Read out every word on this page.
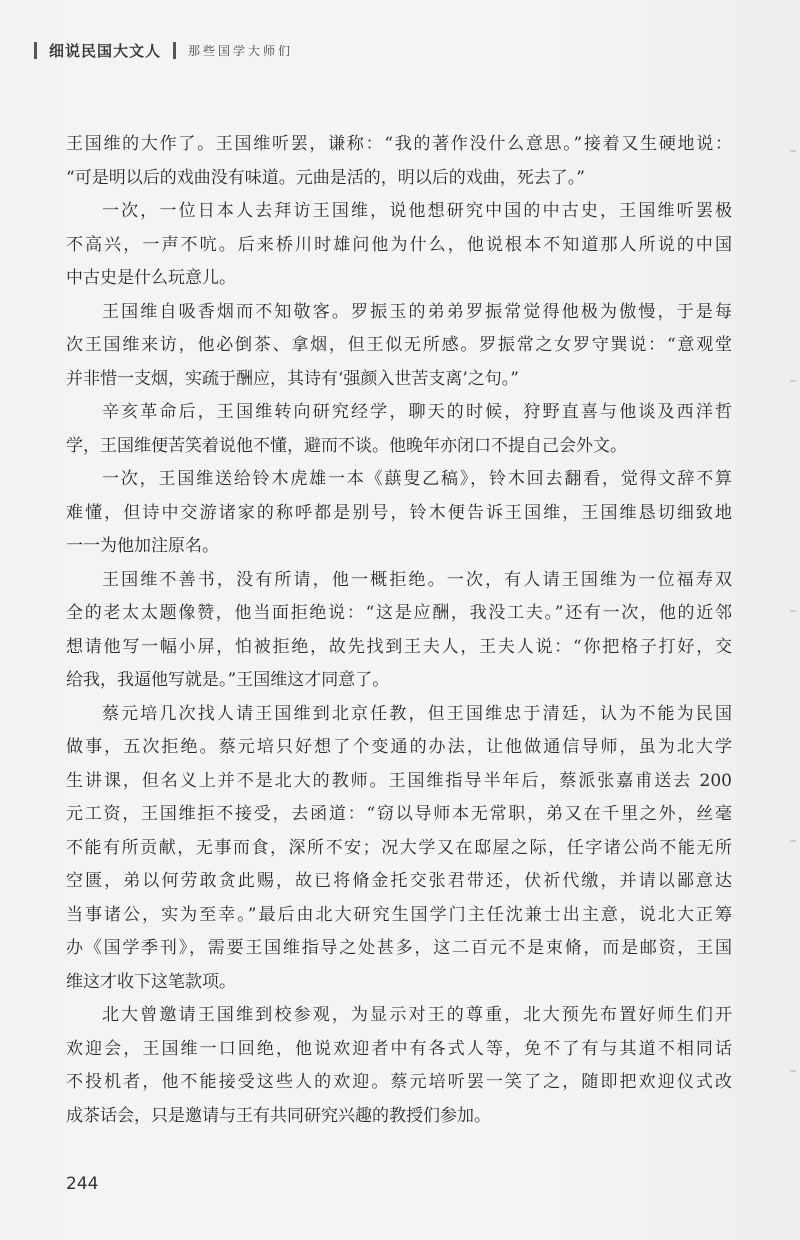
细说民国大文人 那些国学大师们
王国维的大作了。王国维听罢，谦称：“我的著作没什么意思。”接着又生硬地说：
“可是明以后的戏曲没有味道。元曲是活的，明以后的戏曲，死去了。”
一次，一位日本人去拜访王国维，说他想研究中国的中古史，王国维听罢极
不高兴，一声不吭。后来桥川时雄问他为什么，他说根本不知道那人所说的中国
中古史是什么玩意儿。
王国维自吸香烟而不知敬客。罗振玉的弟弟罗振常觉得他极为傲慢，于是每
次王国维来访，他必倒茶、拿烟，但王似无所感。罗振常之女罗守巽说：“意观堂
并非惜一支烟，实疏于酬应，其诗有‘强颜入世苦支离’之句。”
辛亥革命后，王国维转向研究经学，聊天的时候，狩野直喜与他谈及西洋哲
学，王国维便苦笑着说他不懂，避而不谈。他晚年亦闭口不提自己会外文。
一次，王国维送给铃木虎雄一本《蕻叟乙稿》，铃木回去翻看，觉得文辞不算
难懂，但诗中交游诸家的称呼都是别号，铃木便告诉王国维，王国维恳切细致地
一一为他加注原名。
王国维不善书，没有所请，他一概拒绝。一次，有人请王国维为一位福寿双
全的老太太题像赞，他当面拒绝说：“这是应酬，我没工夫。”还有一次，他的近邻
想请他写一幅小屏，怕被拒绝，故先找到王夫人，王夫人说：“你把格子打好，交
给我，我逼他写就是。”王国维这才同意了。
蔡元培几次找人请王国维到北京任教，但王国维忠于清廷，认为不能为民国
做事，五次拒绝。蔡元培只好想了个变通的办法，让他做通信导师，虽为北大学
生讲课，但名义上并不是北大的教师。王国维指导半年后，蔡派张嘉甫送去 200
元工资，王国维拒不接受，去函道：“窃以导师本无常职，弟又在千里之外，丝毫
不能有所贡献，无事而食，深所不安；况大学又在邸屋之际，任字诸公尚不能无所
空匮，弟以何劳敢贪此赐，故已将脩金托交张君带还，伏祈代缴，并请以鄙意达
当事诸公，实为至幸。”最后由北大研究生国学门主任沈兼士出主意，说北大正筹
办《国学季刊》，需要王国维指导之处甚多，这二百元不是束脩，而是邮资，王国
维这才收下这笔款项。
北大曾邀请王国维到校参观，为显示对王的尊重，北大预先布置好师生们开
欢迎会，王国维一口回绝，他说欢迎者中有各式人等，免不了有与其道不相同话
不投机者，他不能接受这些人的欢迎。蔡元培听罢一笑了之，随即把欢迎仪式改
成茶话会，只是邀请与王有共同研究兴趣的教授们参加。
244
